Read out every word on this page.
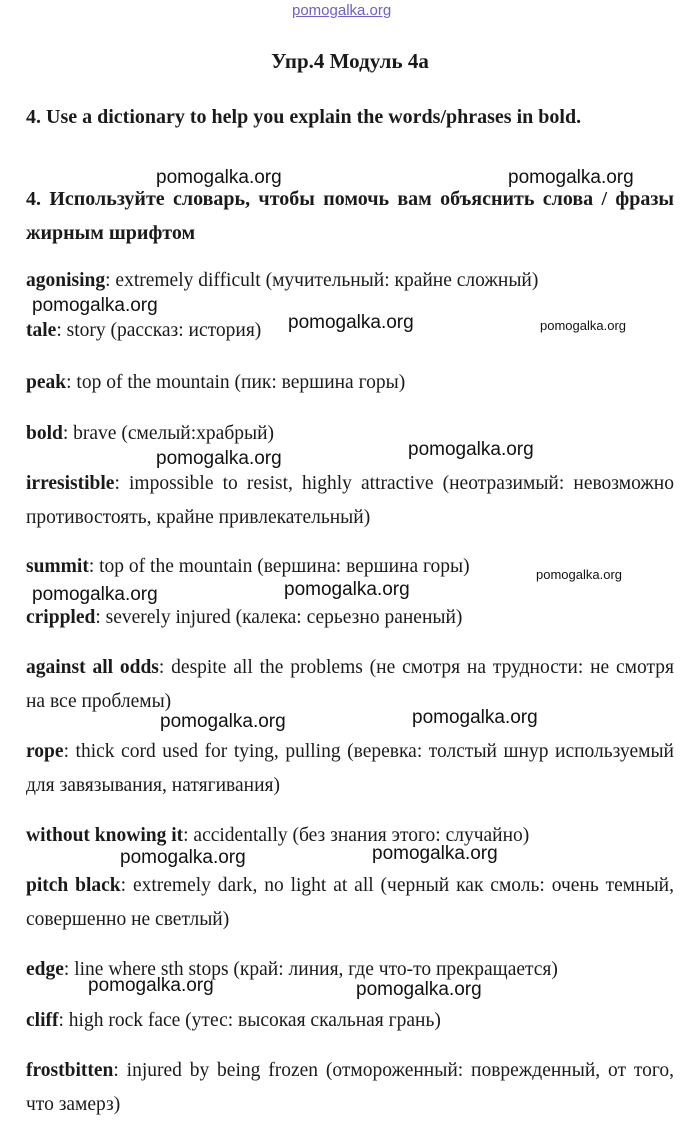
pomogalka.org
Упр.4 Модуль 4а

4. Use a dictionary to help you explain the words/phrases in bold.

4. Используйте словарь, чтобы помочь вам объяснить слова / фразы жирным шрифтом

agonising: extremely difficult (мучительный: крайне сложный)
tale: story (рассказ: история)
peak: top of the mountain (пик: вершина горы)
bold: brave (смелый:храбрый)
irresistible: impossible to resist, highly attractive (неотразимый: невозможно противостоять, крайне привлекательный)
summit: top of the mountain (вершина: вершина горы)
crippled: severely injured (калека: серьезно раненый)
against all odds: despite all the problems (не смотря на трудности: не смотря на все проблемы)
rope: thick cord used for tying, pulling (веревка: толстый шнур используемый для завязывания, натягивания)
without knowing it: accidentally (без знания этого: случайно)
pitch black: extremely dark, no light at all (черный как смоль: очень темный, совершенно не светлый)
edge: line where sth stops (край: линия, где что-то прекращается)
cliff: high rock face (утес: высокая скальная грань)
frostbitten: injured by being frozen (отмороженный: поврежденный, от того, что замерз)
pomogalka.org	pomogalka.org
pomogalka.org
pomogalka.org	pomogalka.org
pomogalka.org
pomogalka.org
pomogalka.org
pomogalka.org
pomogalka.org
pomogalka.org	pomogalka.org
pomogalka.org	pomogalka.org
pomogalka.org	pomogalka.org
